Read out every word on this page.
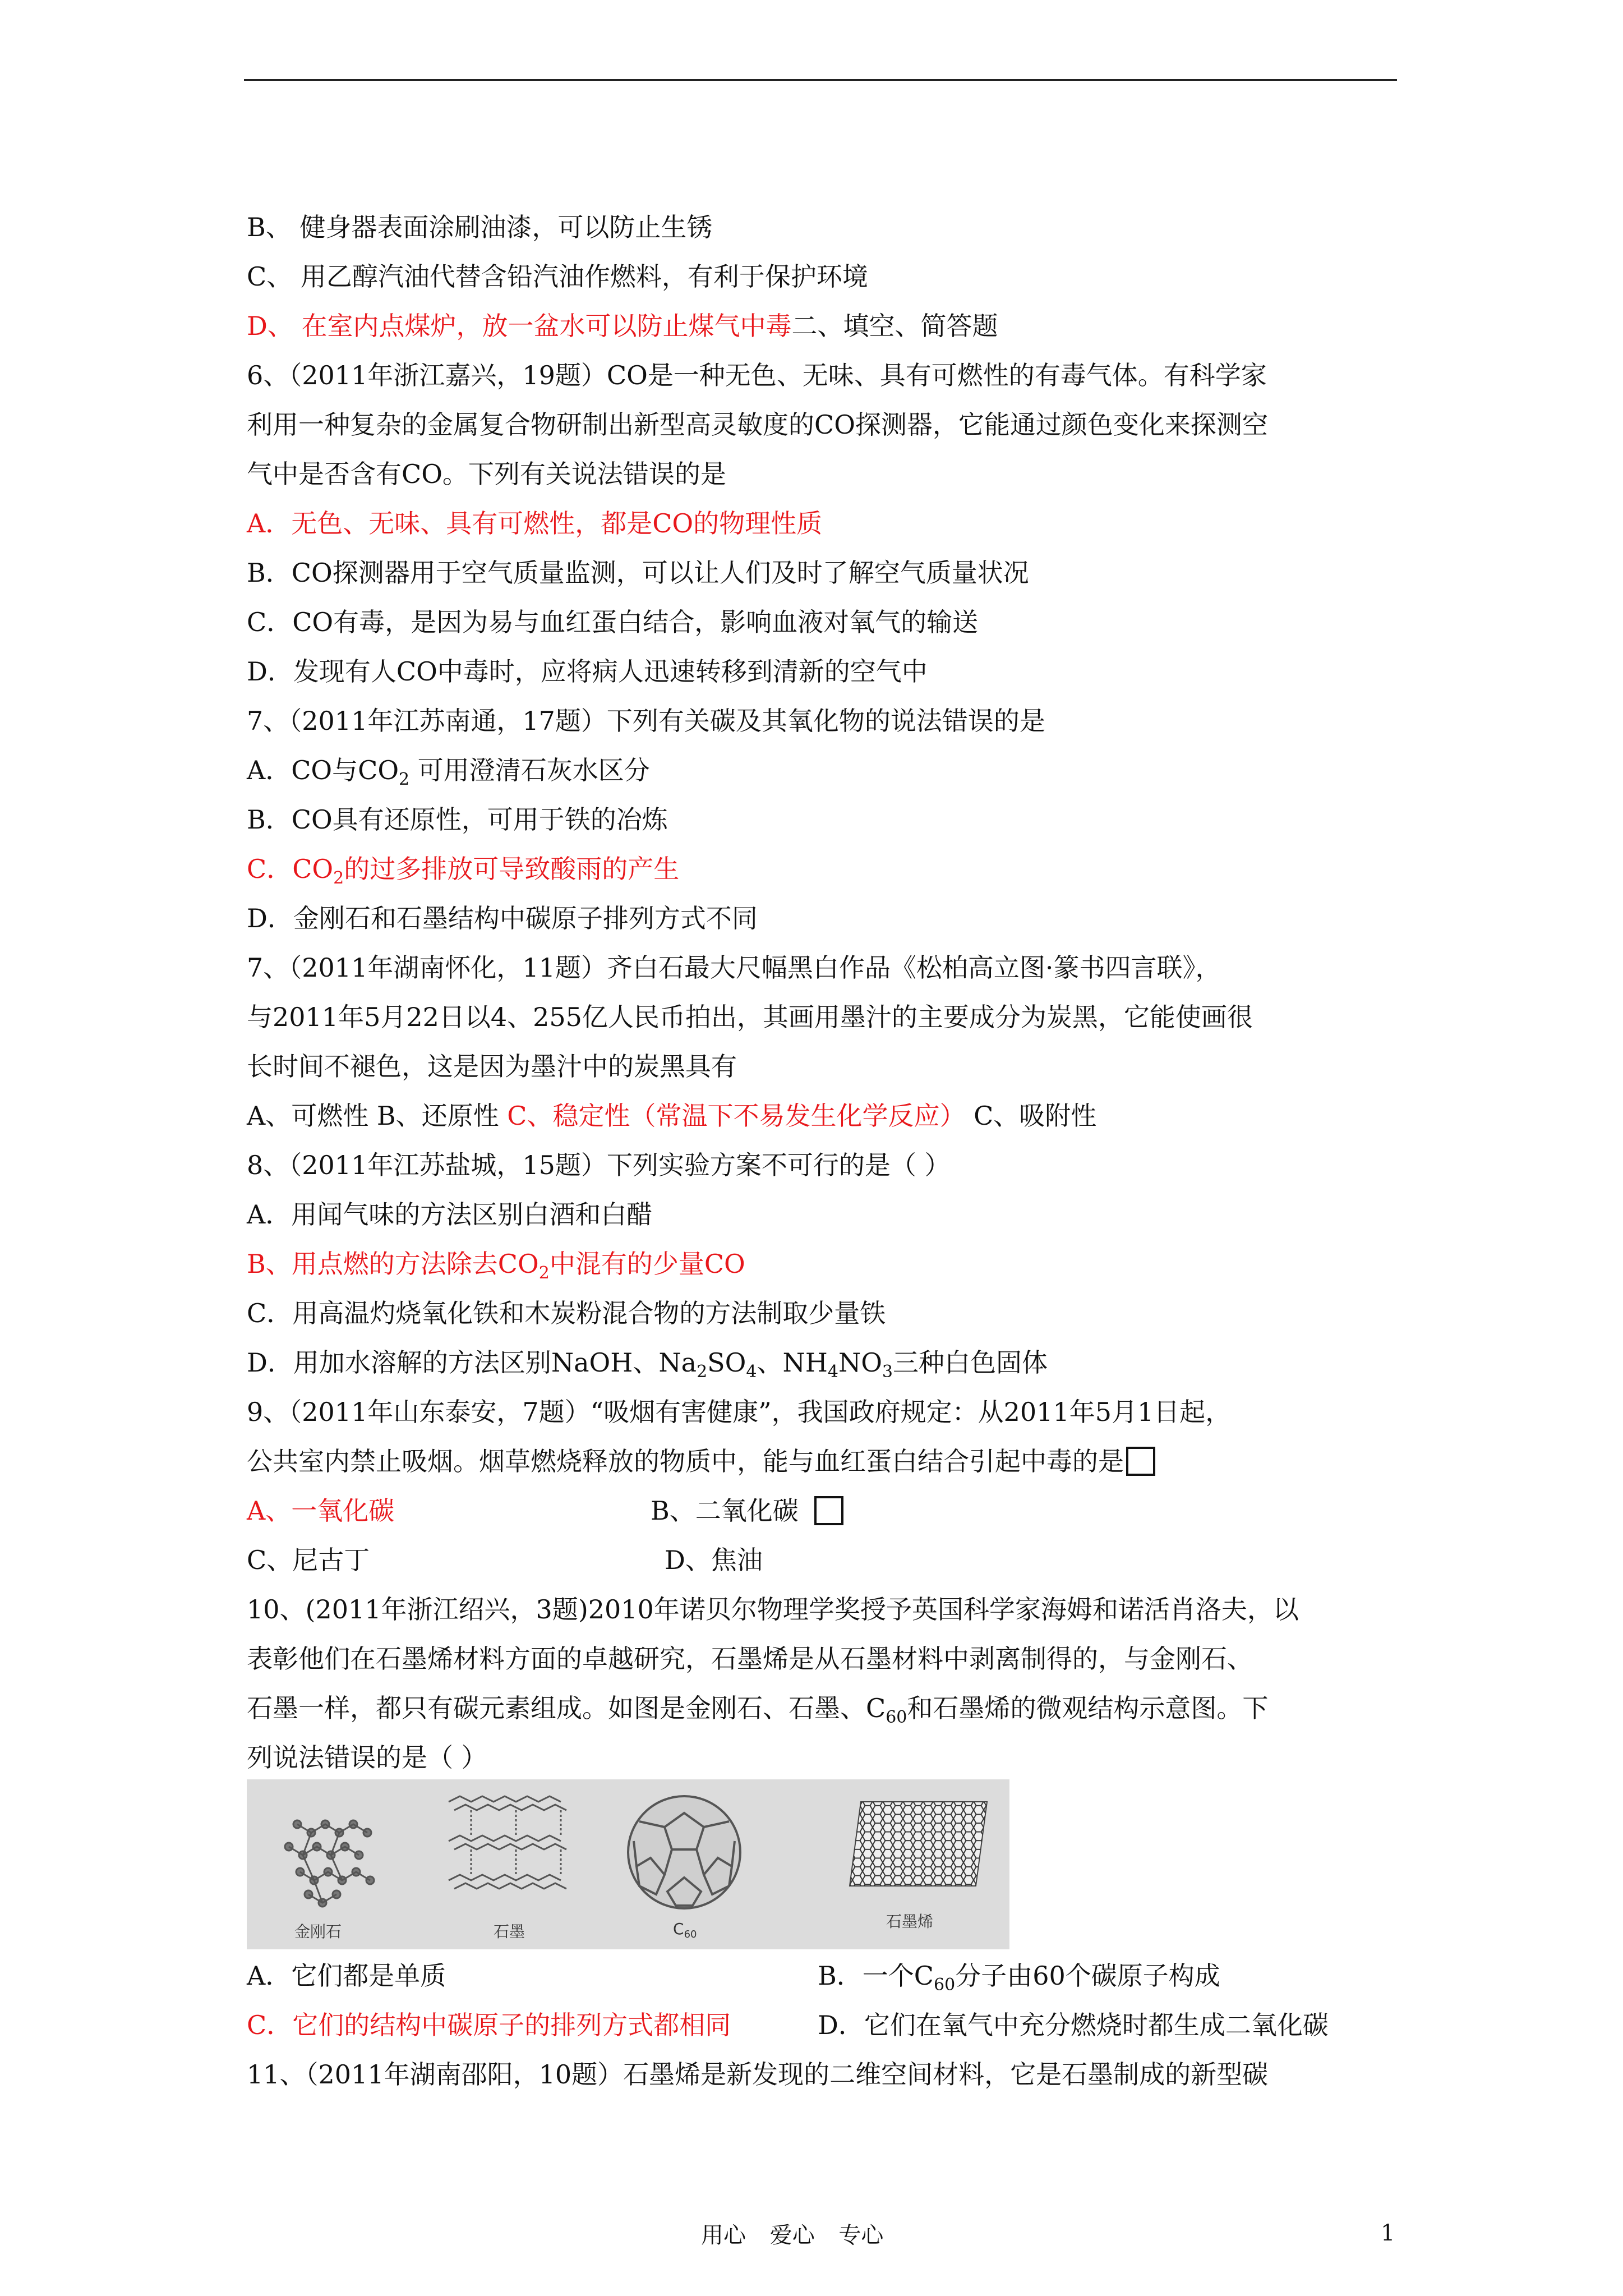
B、 健身器表面涂刷油漆，可以防止生锈
C、 用乙醇汽油代替含铅汽油作燃料，有利于保护环境
D、 在室内点煤炉，放一盆水可以防止煤气中毒二、填空、简答题
6、（2011年浙江嘉兴，19题）CO是一种无色、无味、具有可燃性的有毒气体。有科学家
利用一种复杂的金属复合物研制出新型高灵敏度的CO探测器，它能通过颜色变化来探测空
气中是否含有CO。下列有关说法错误的是
A．无色、无味、具有可燃性，都是CO的物理性质
B．CO探测器用于空气质量监测，可以让人们及时了解空气质量状况
C．CO有毒，是因为易与血红蛋白结合，影响血液对氧气的输送
D．发现有人CO中毒时，应将病人迅速转移到清新的空气中
7、（2011年江苏南通，17题）下列有关碳及其氧化物的说法错误的是
A．CO与$CO_2$ 可用澄清石灰水区分
B．CO具有还原性，可用于铁的冶炼
C．$CO_2$的过多排放可导致酸雨的产生
D．金刚石和石墨结构中碳原子排列方式不同
7、（2011年湖南怀化，11题）齐白石最大尺幅黑白作品《松柏高立图·篆书四言联》，
与2011年5月22日以4、255亿人民币拍出，其画用墨汁的主要成分为炭黑，它能使画很
长时间不褪色，这是因为墨汁中的炭黑具有
A、可燃性 B、还原性 C、稳定性（常温下不易发生化学反应） C、吸附性
8、（2011年江苏盐城，15题）下列实验方案不可行的是（ ）
A．用闻气味的方法区别白酒和白醋
B、用点燃的方法除去$CO_2$中混有的少量CO
C．用高温灼烧氧化铁和木炭粉混合物的方法制取少量铁
D．用加水溶解的方法区别NaOH、$Na_2SO_4$、$NH_4NO_3$三种白色固体
9、（2011年山东泰安，7题）“吸烟有害健康”，我国政府规定：从2011年5月1日起，
公共室内禁止吸烟。烟草燃烧释放的物质中，能与血红蛋白结合引起中毒的是
A、一氧化碳	B、二氧化碳
C、尼古丁	D、焦油
10、(2011年浙江绍兴，3题)2010年诺贝尔物理学奖授予英国科学家海姆和诺活肖洛夫，以
表彰他们在石墨烯材料方面的卓越研究，石墨烯是从石墨材料中剥离制得的，与金刚石、
石墨一样，都只有碳元素组成。如图是金刚石、石墨、$C_{60}$和石墨烯的微观结构示意图。下
列说法错误的是（ ）
金刚石	石墨	$C_{60}$
石墨烯
A．它们都是单质	B．一个$C_{60}$分子由60个碳原子构成
C．它们的结构中碳原子的排列方式都相同	D．它们在氧气中充分燃烧时都生成二氧化碳
11、（2011年湖南邵阳，10题）石墨烯是新发现的二维空间材料，它是石墨制成的新型碳
用心 爱心 专心	1
